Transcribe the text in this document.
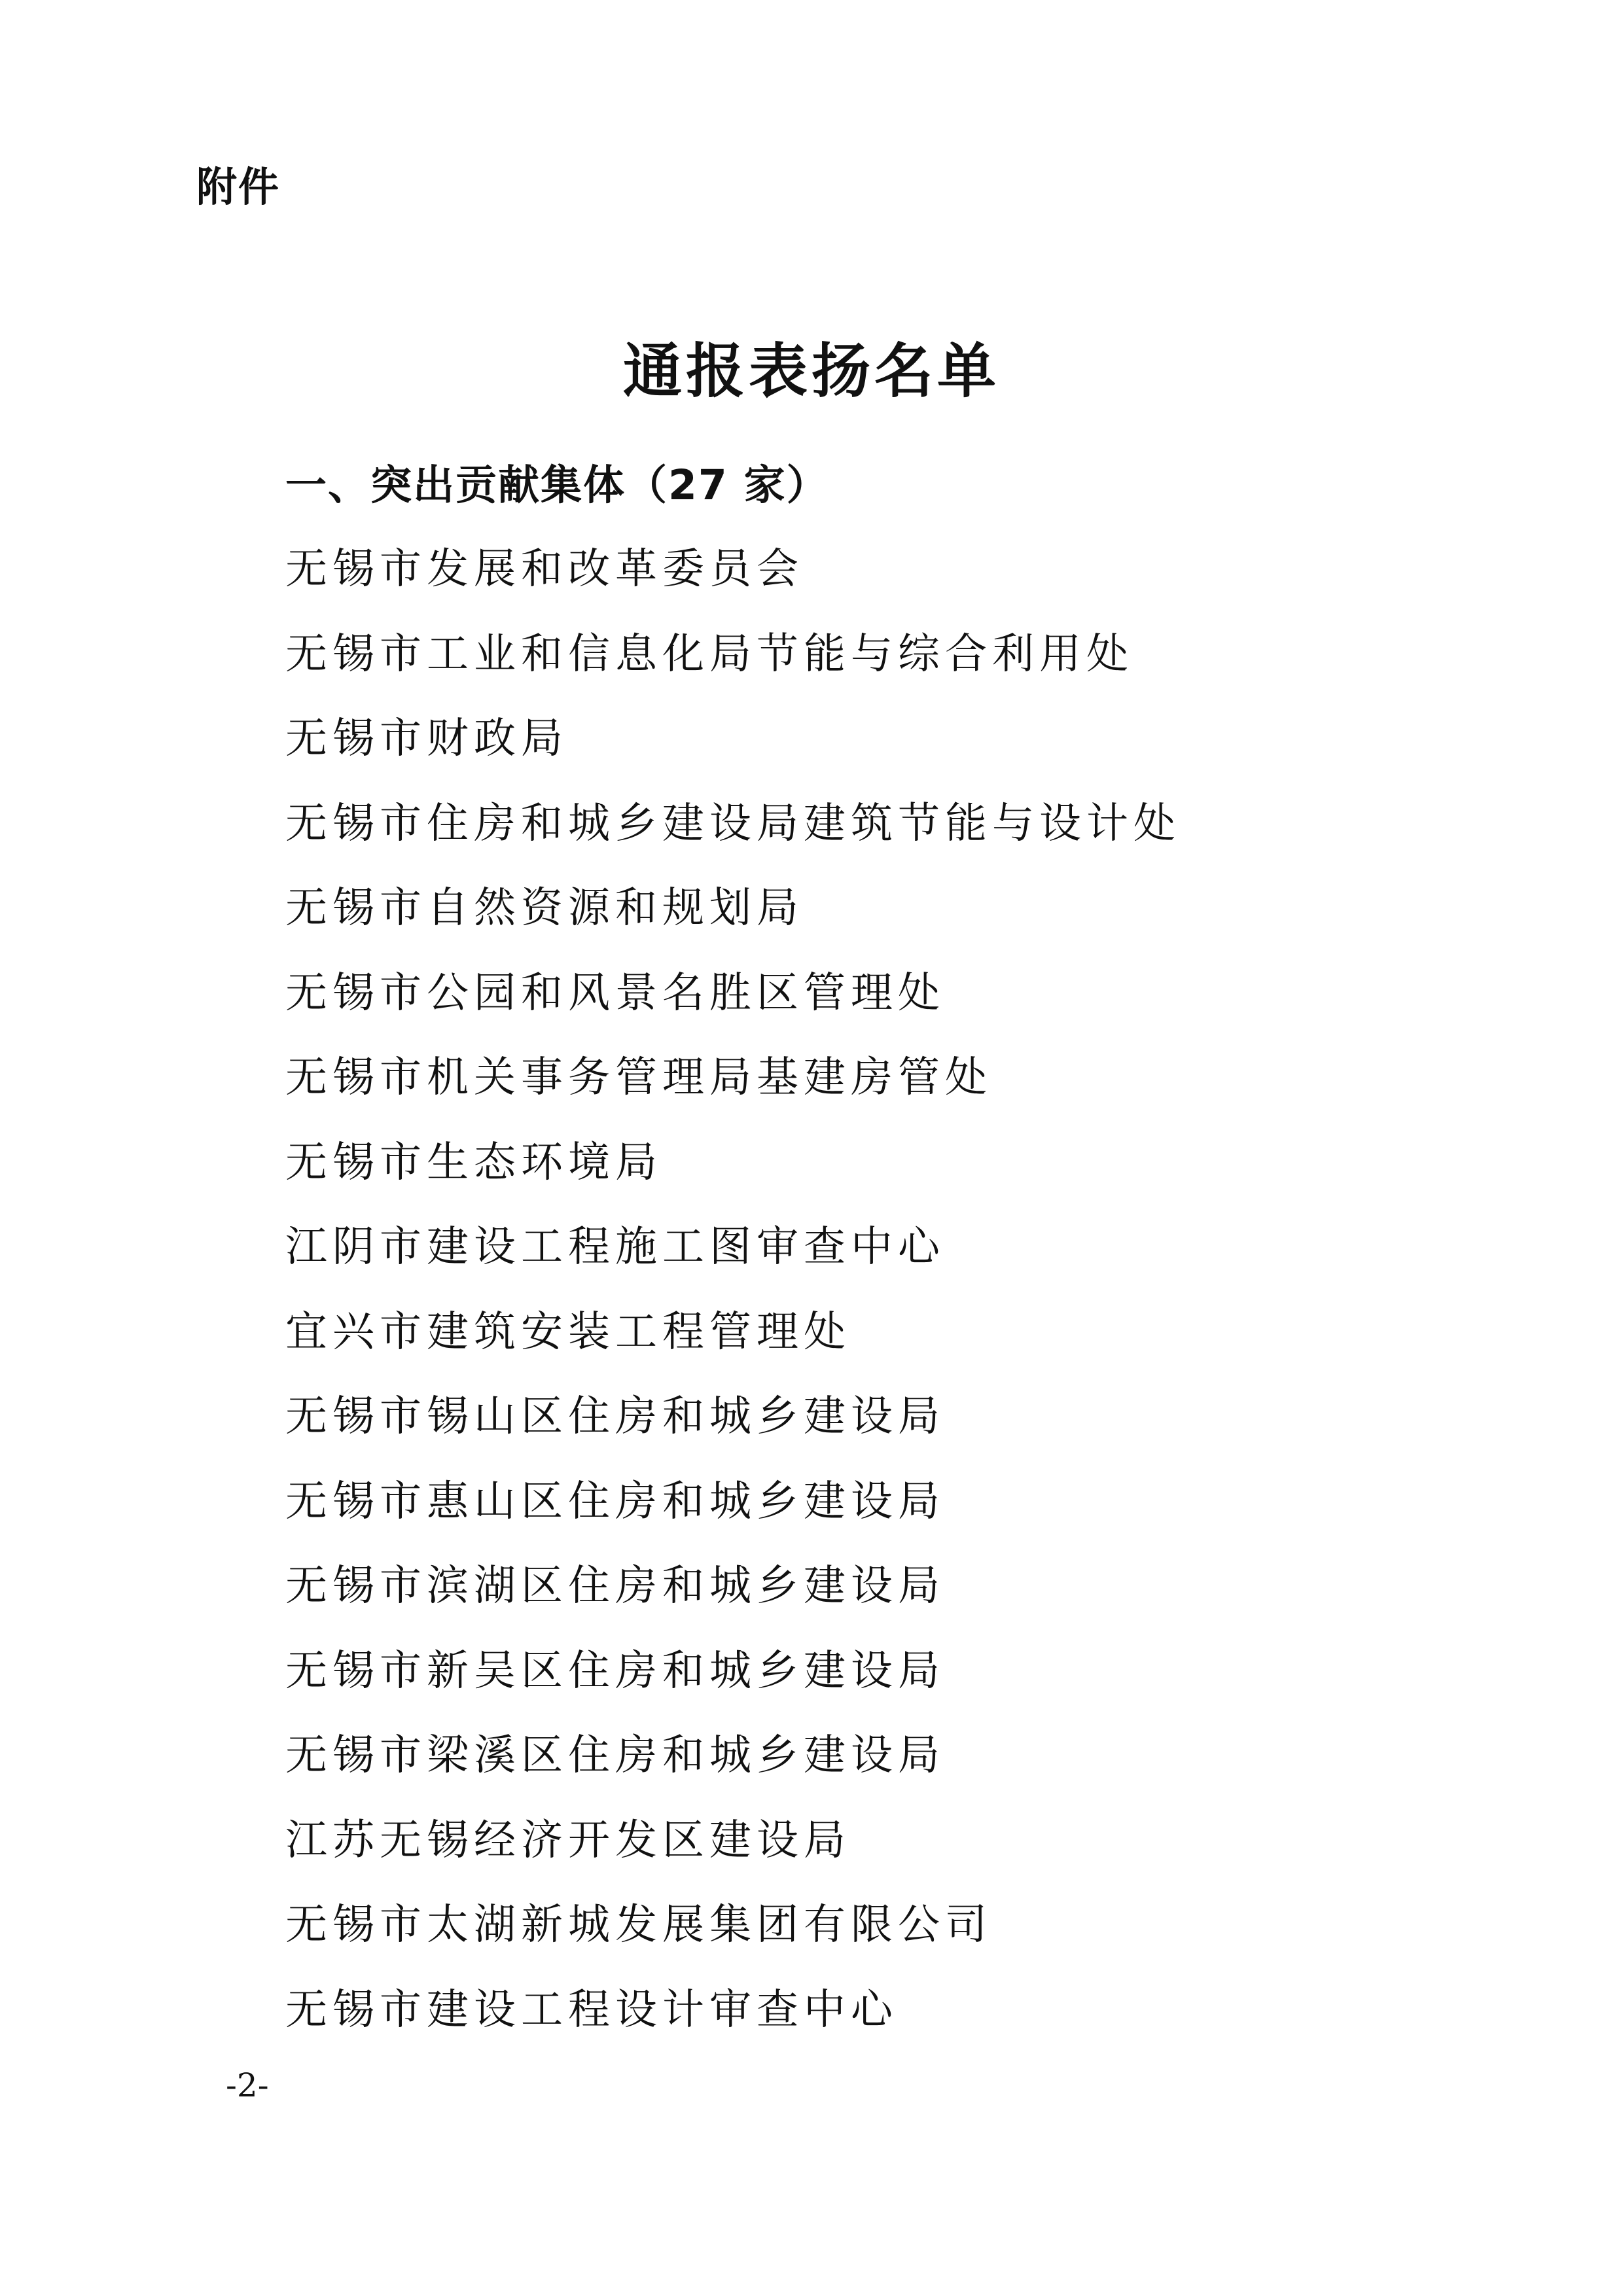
附件
通报表扬名单
一、突出贡献集体（27 家）
无锡市发展和改革委员会
无锡市工业和信息化局节能与综合利用处
无锡市财政局
无锡市住房和城乡建设局建筑节能与设计处
无锡市自然资源和规划局
无锡市公园和风景名胜区管理处
无锡市机关事务管理局基建房管处
无锡市生态环境局
江阴市建设工程施工图审查中心
宜兴市建筑安装工程管理处
无锡市锡山区住房和城乡建设局
无锡市惠山区住房和城乡建设局
无锡市滨湖区住房和城乡建设局
无锡市新吴区住房和城乡建设局
无锡市梁溪区住房和城乡建设局
江苏无锡经济开发区建设局
无锡市太湖新城发展集团有限公司
无锡市建设工程设计审查中心
-2-
